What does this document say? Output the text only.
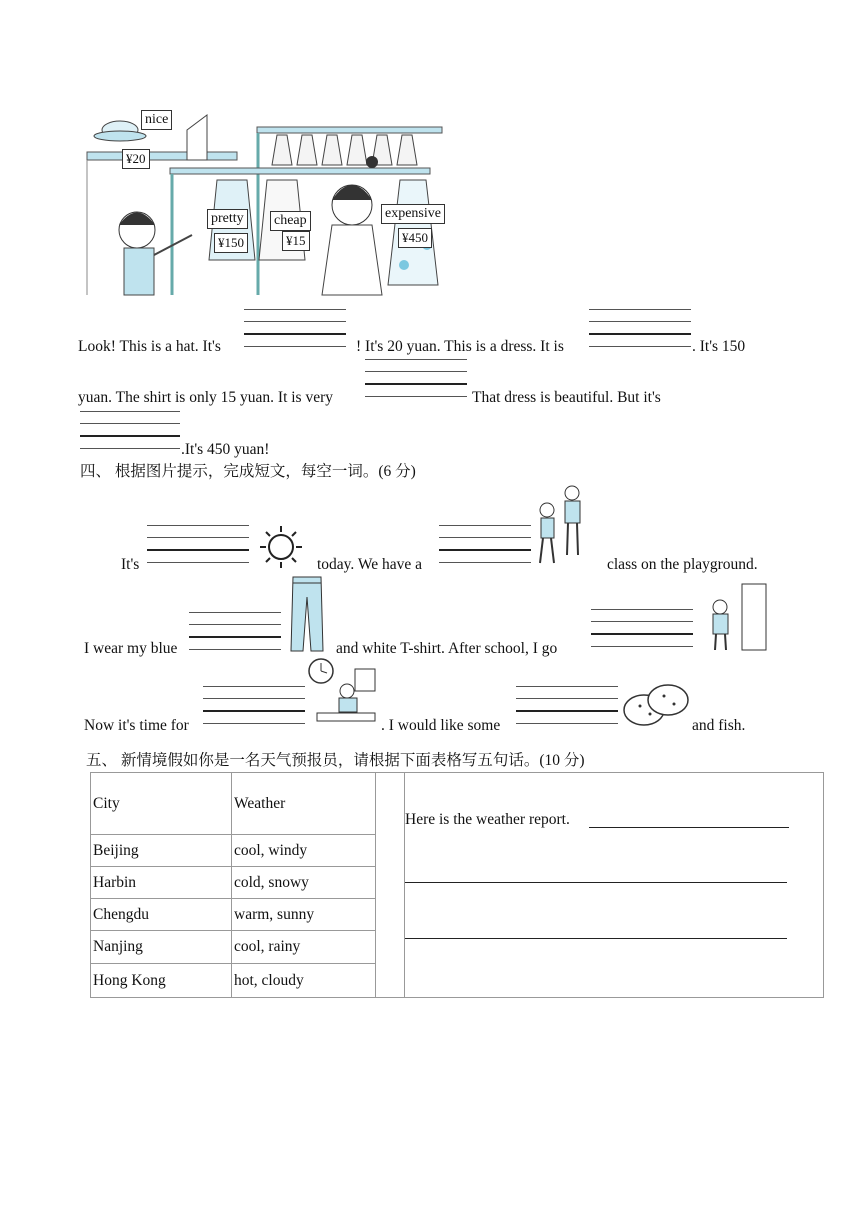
nice
¥20
pretty
¥150
cheap
¥15
expensive
¥450
Look! This is a hat. It's	! It's 20 yuan. This is a dress. It is	. It's 150
yuan. The shirt is only 15 yuan. It is very	That dress is beautiful. But it's
.It's 450 yuan!
四、 根据图片提示，完成短文，每空一词。(6 分)
It's	today. We have a	class on the playground.
I wear my blue	and white T-shirt. After school, I go
Now it's time for	. I would like some	and fish.
五、 新情境假如你是一名天气预报员，请根据下面表格写五句话。(10 分)
City	Weather		
Beijing	cool, windy		
Harbin	cold, snowy		
Chengdu	warm, sunny		
Nanjing	cool, rainy		
Hong Kong	hot, cloudy		
Here is the weather report.
